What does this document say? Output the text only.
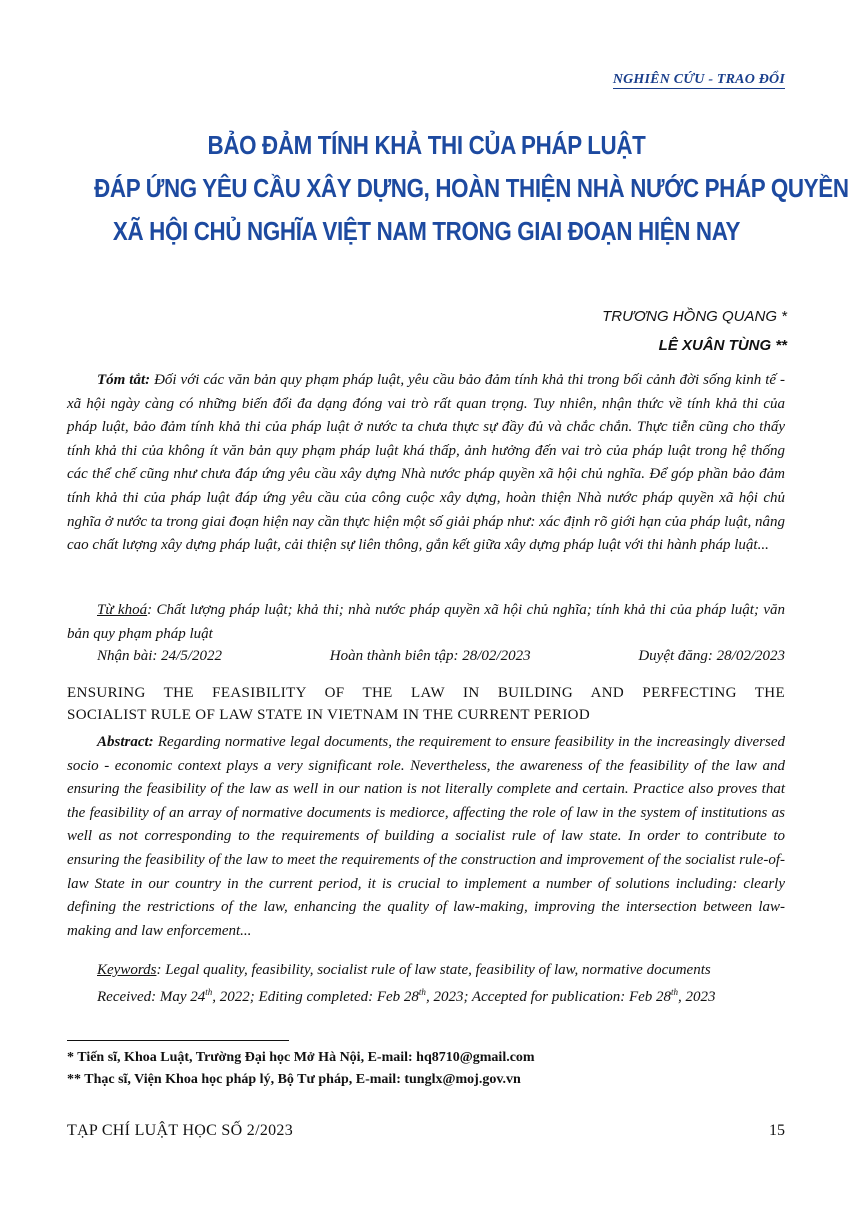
NGHIÊN CỨU - TRAO ĐỔI
BẢO ĐẢM TÍNH KHẢ THI CỦA PHÁP LUẬT
ĐÁP ỨNG YÊU CẦU XÂY DỰNG, HOÀN THIỆN NHÀ NƯỚC PHÁP QUYỀN
XÃ HỘI CHỦ NGHĨA VIỆT NAM TRONG GIAI ĐOẠN HIỆN NAY
TRƯƠNG HỒNG QUANG *
LÊ XUÂN TÙNG **
Tóm tắt: Đối với các văn bản quy phạm pháp luật, yêu cầu bảo đảm tính khả thi trong bối cảnh đời sống kinh tế - xã hội ngày càng có những biến đổi đa dạng đóng vai trò rất quan trọng. Tuy nhiên, nhận thức về tính khả thi của pháp luật, bảo đảm tính khả thi của pháp luật ở nước ta chưa thực sự đầy đủ và chắc chắn. Thực tiễn cũng cho thấy tính khả thi của không ít văn bản quy phạm pháp luật khá thấp, ảnh hưởng đến vai trò của pháp luật trong hệ thống các thể chế cũng như chưa đáp ứng yêu cầu xây dựng Nhà nước pháp quyền xã hội chủ nghĩa. Để góp phần bảo đảm tính khả thi của pháp luật đáp ứng yêu cầu của công cuộc xây dựng, hoàn thiện Nhà nước pháp quyền xã hội chủ nghĩa ở nước ta trong giai đoạn hiện nay cần thực hiện một số giải pháp như: xác định rõ giới hạn của pháp luật, nâng cao chất lượng xây dựng pháp luật, cải thiện sự liên thông, gắn kết giữa xây dựng pháp luật với thi hành pháp luật...
Từ khoá: Chất lượng pháp luật; khả thi; nhà nước pháp quyền xã hội chủ nghĩa; tính khả thi của pháp luật; văn bản quy phạm pháp luật
Nhận bài: 24/5/2022	Hoàn thành biên tập: 28/02/2023	Duyệt đăng: 28/02/2023
ENSURING THE FEASIBILITY OF THE LAW IN BUILDING AND PERFECTING THE
SOCIALIST RULE OF LAW STATE IN VIETNAM IN THE CURRENT PERIOD
Abstract: Regarding normative legal documents, the requirement to ensure feasibility in the increasingly diversed socio - economic context plays a very significant role. Nevertheless, the awareness of the feasibility of the law and ensuring the feasibility of the law as well in our nation is not literally complete and certain. Practice also proves that the feasibility of an array of normative documents is mediorce, affecting the role of law in the system of institutions as well as not corresponding to the requirements of building a socialist rule of law state. In order to contribute to ensuring the feasibility of the law to meet the requirements of the construction and improvement of the socialist rule-of-law State in our country in the current period, it is crucial to implement a number of solutions including: clearly defining the restrictions of the law, enhancing the quality of law-making, improving the intersection between law-making and law enforcement...
Keywords: Legal quality, feasibility, socialist rule of law state, feasibility of law, normative documents
Received: May 24th, 2022; Editing completed: Feb 28th, 2023; Accepted for publication: Feb 28th, 2023
* Tiến sĩ, Khoa Luật, Trường Đại học Mở Hà Nội, E-mail: hq8710@gmail.com
** Thạc sĩ, Viện Khoa học pháp lý, Bộ Tư pháp, E-mail: tunglx@moj.gov.vn
TẠP CHÍ LUẬT HỌC SỐ 2/2023	15
